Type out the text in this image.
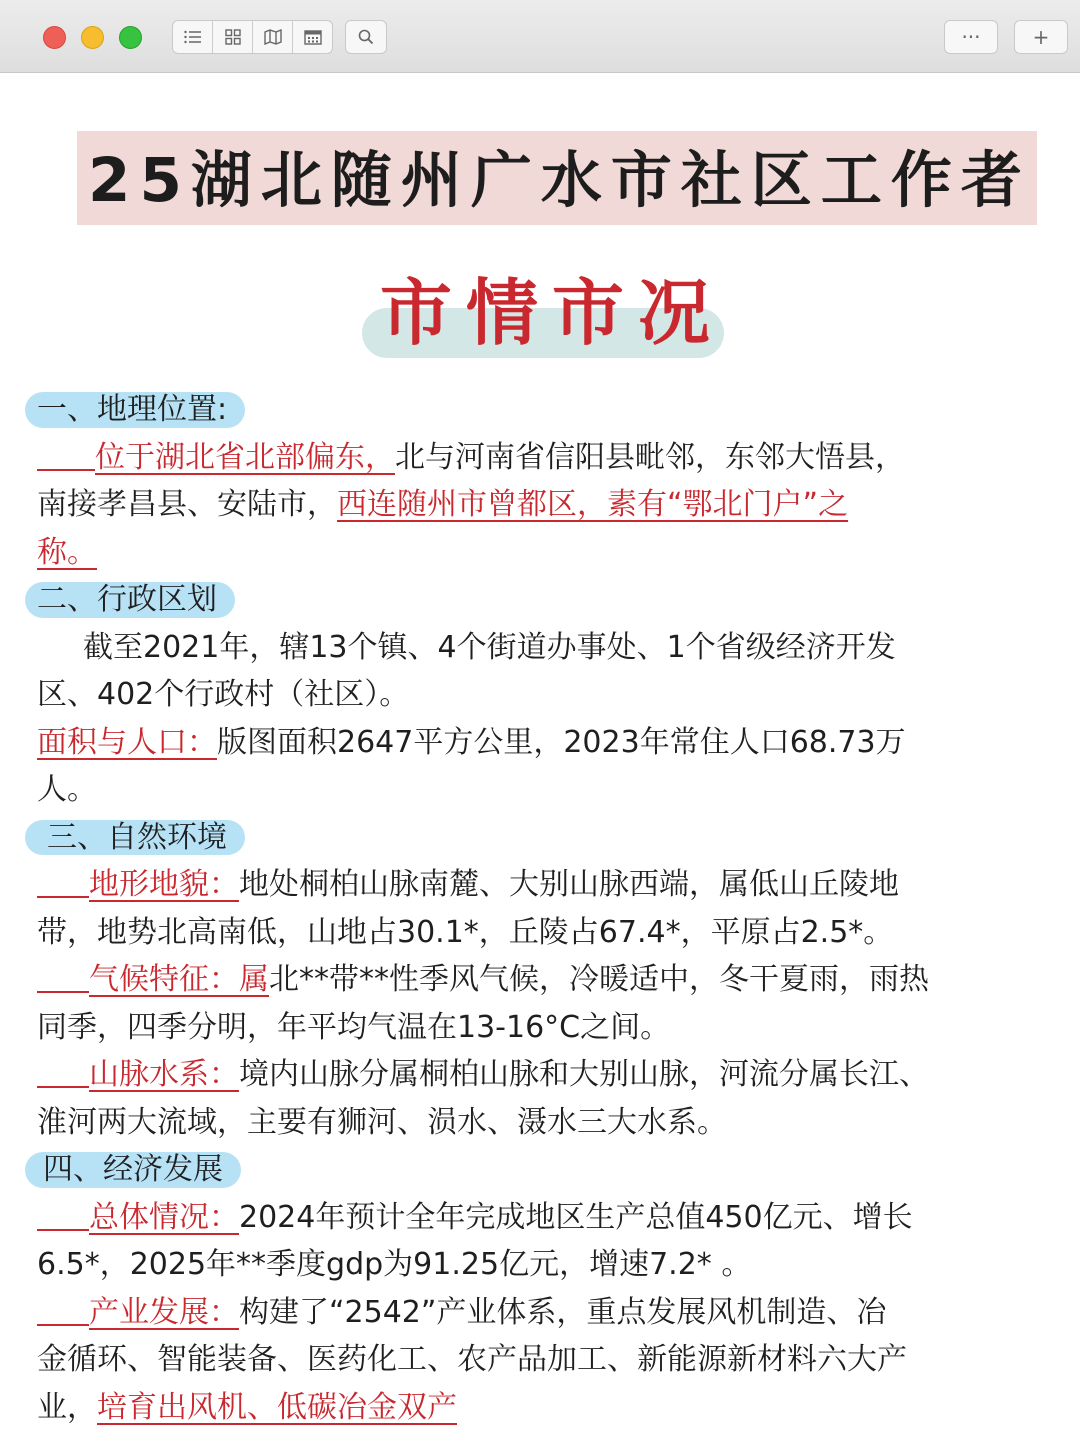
···	+
25湖北随州广水市社区工作者
市情市况
一、地理位置:
位于湖北省北部偏东，北与河南省信阳县毗邻，东邻大悟县，
南接孝昌县、安陆市，西连随州市曾都区，素有“鄂北门户”之
称。
二、行政区划
截至2021年，辖13个镇、4个街道办事处、1个省级经济开发
区、402个行政村（社区）。
面积与人口：版图面积2647平方公里，2023年常住人口68.73万
人。
三、自然环境
地形地貌：地处桐柏山脉南麓、大别山脉西端，属低山丘陵地
带，地势北高南低，山地占30.1*，丘陵占67.4*，平原占2.5*。
气候特征：属北**带**性季风气候，冷暖适中，冬干夏雨，雨热
同季，四季分明，年平均气温在13-16°C之间。
山脉水系：境内山脉分属桐柏山脉和大别山脉，河流分属长江、
淮河两大流域，主要有狮河、涢水、滠水三大水系。
四、经济发展
总体情况：2024年预计全年完成地区生产总值450亿元、增长
6.5*，2025年**季度gdp为91.25亿元，增速7.2* 。
产业发展：构建了“2542”产业体系，重点发展风机制造、冶
金循环、智能装备、医药化工、农产品加工、新能源新材料六大产
业，培育出风机、低碳冶金双产
